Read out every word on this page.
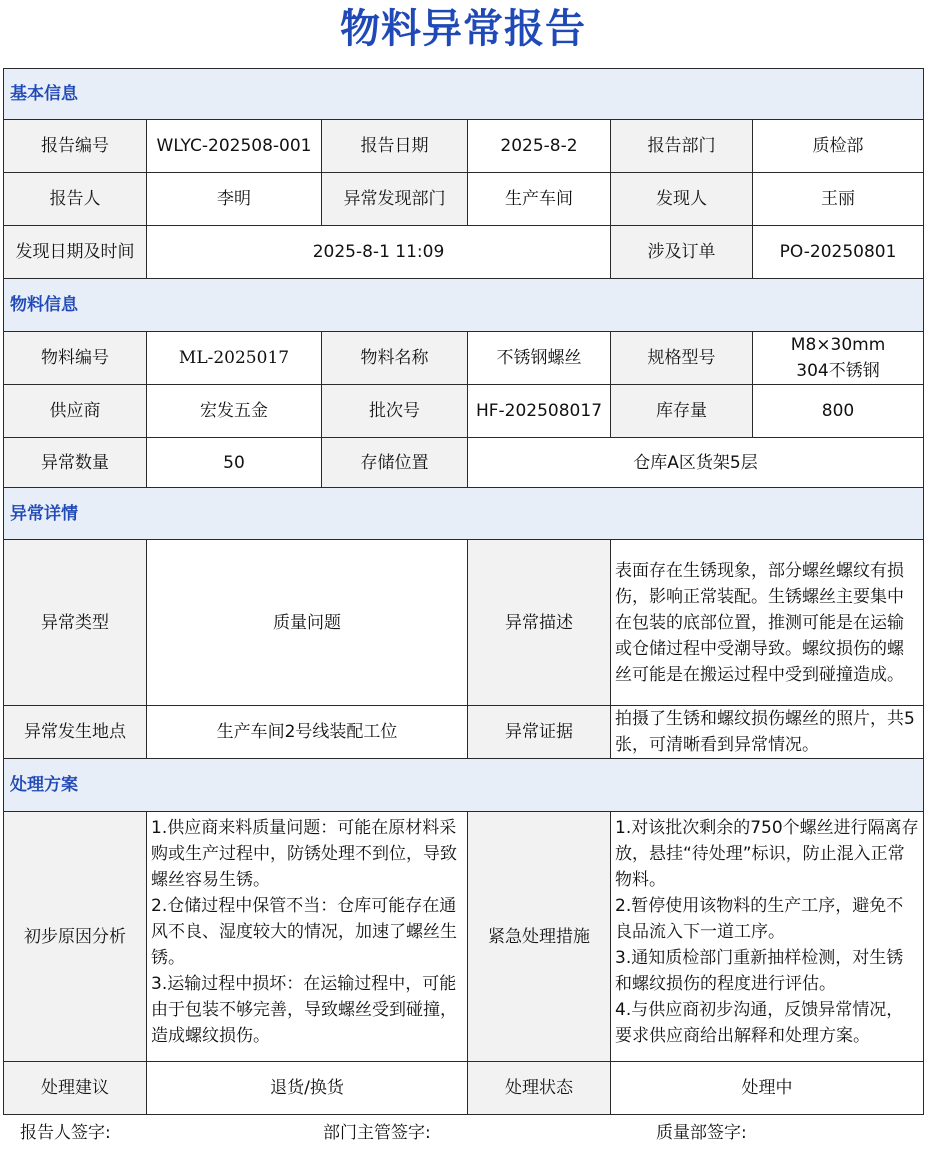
物料异常报告
基本信息					
报告编号	WLYC-202508-001	报告日期	2025-8-2	报告部门	质检部
报告人	李明	异常发现部门	生产车间	发现人	王丽
发现日期及时间	2025-8-1 11:09			涉及订单	PO-20250801
物料信息					
物料编号	ML-2025017	物料名称	不锈钢螺丝	规格型号	M8×30mm
304不锈钢
供应商	宏发五金	批次号	HF-202508017	库存量	800
异常数量	50	存储位置	仓库A区货架5层		
异常详情					
异常类型	质量问题		异常描述	表面存在生锈现象，部分螺丝螺纹有损伤，影响正常装配。生锈螺丝主要集中在包装的底部位置，推测可能是在运输或仓储过程中受潮导致。螺纹损伤的螺丝可能是在搬运过程中受到碰撞造成。	
异常发生地点	生产车间2号线装配工位		异常证据	拍摄了生锈和螺纹损伤螺丝的照片，共5张，可清晰看到异常情况。	
处理方案					
初步原因分析	1.供应商来料质量问题：可能在原材料采购或生产过程中，防锈处理不到位，导致螺丝容易生锈。
2.仓储过程中保管不当：仓库可能存在通风不良、湿度较大的情况，加速了螺丝生锈。
3.运输过程中损坏：在运输过程中，可能由于包装不够完善，导致螺丝受到碰撞，造成螺纹损伤。		紧急处理措施	1.对该批次剩余的750个螺丝进行隔离存放，悬挂“待处理”标识，防止混入正常物料。
2.暂停使用该物料的生产工序，避免不良品流入下一道工序。
3.通知质检部门重新抽样检测，对生锈和螺纹损伤的程度进行评估。
4.与供应商初步沟通，反馈异常情况，要求供应商给出解释和处理方案。	
处理建议	退货/换货		处理状态	处理中	
报告人签字:	部门主管签字:	质量部签字:
